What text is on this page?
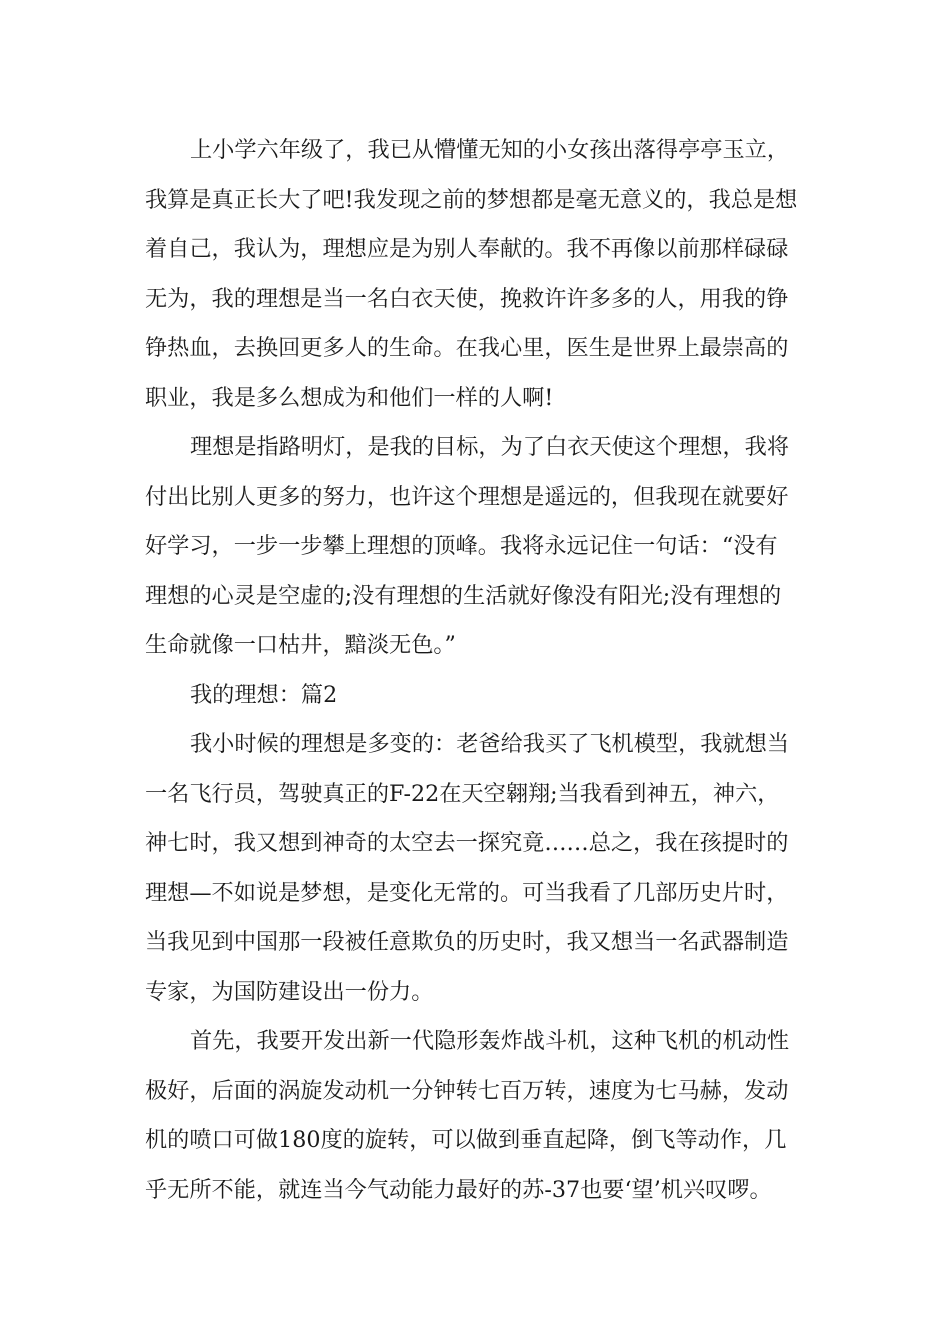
上小学六年级了，我已从懵懂无知的小女孩出落得亭亭玉立，
我算是真正长大了吧!我发现之前的梦想都是毫无意义的，我总是想
着自己，我认为，理想应是为别人奉献的。我不再像以前那样碌碌
无为，我的理想是当一名白衣天使，挽救许许多多的人，用我的铮
铮热血，去换回更多人的生命。在我心里，医生是世界上最崇高的
职业，我是多么想成为和他们一样的人啊!
理想是指路明灯，是我的目标，为了白衣天使这个理想，我将
付出比别人更多的努力，也许这个理想是遥远的，但我现在就要好
好学习，一步一步攀上理想的顶峰。我将永远记住一句话：“没有
理想的心灵是空虚的;没有理想的生活就好像没有阳光;没有理想的
生命就像一口枯井，黯淡无色。”
我的理想：篇2
我小时候的理想是多变的：老爸给我买了飞机模型，我就想当
一名飞行员，驾驶真正的F-22在天空翱翔;当我看到神五，神六，
神七时，我又想到神奇的太空去一探究竟……总之，我在孩提时的
理想—不如说是梦想，是变化无常的。可当我看了几部历史片时，
当我见到中国那一段被任意欺负的历史时，我又想当一名武器制造
专家，为国防建设出一份力。
首先，我要开发出新一代隐形轰炸战斗机，这种飞机的机动性
极好，后面的涡旋发动机一分钟转七百万转，速度为七马赫，发动
机的喷口可做180度的旋转，可以做到垂直起降，倒飞等动作，几
乎无所不能，就连当今气动能力最好的苏-37也要‘望’机兴叹啰。
